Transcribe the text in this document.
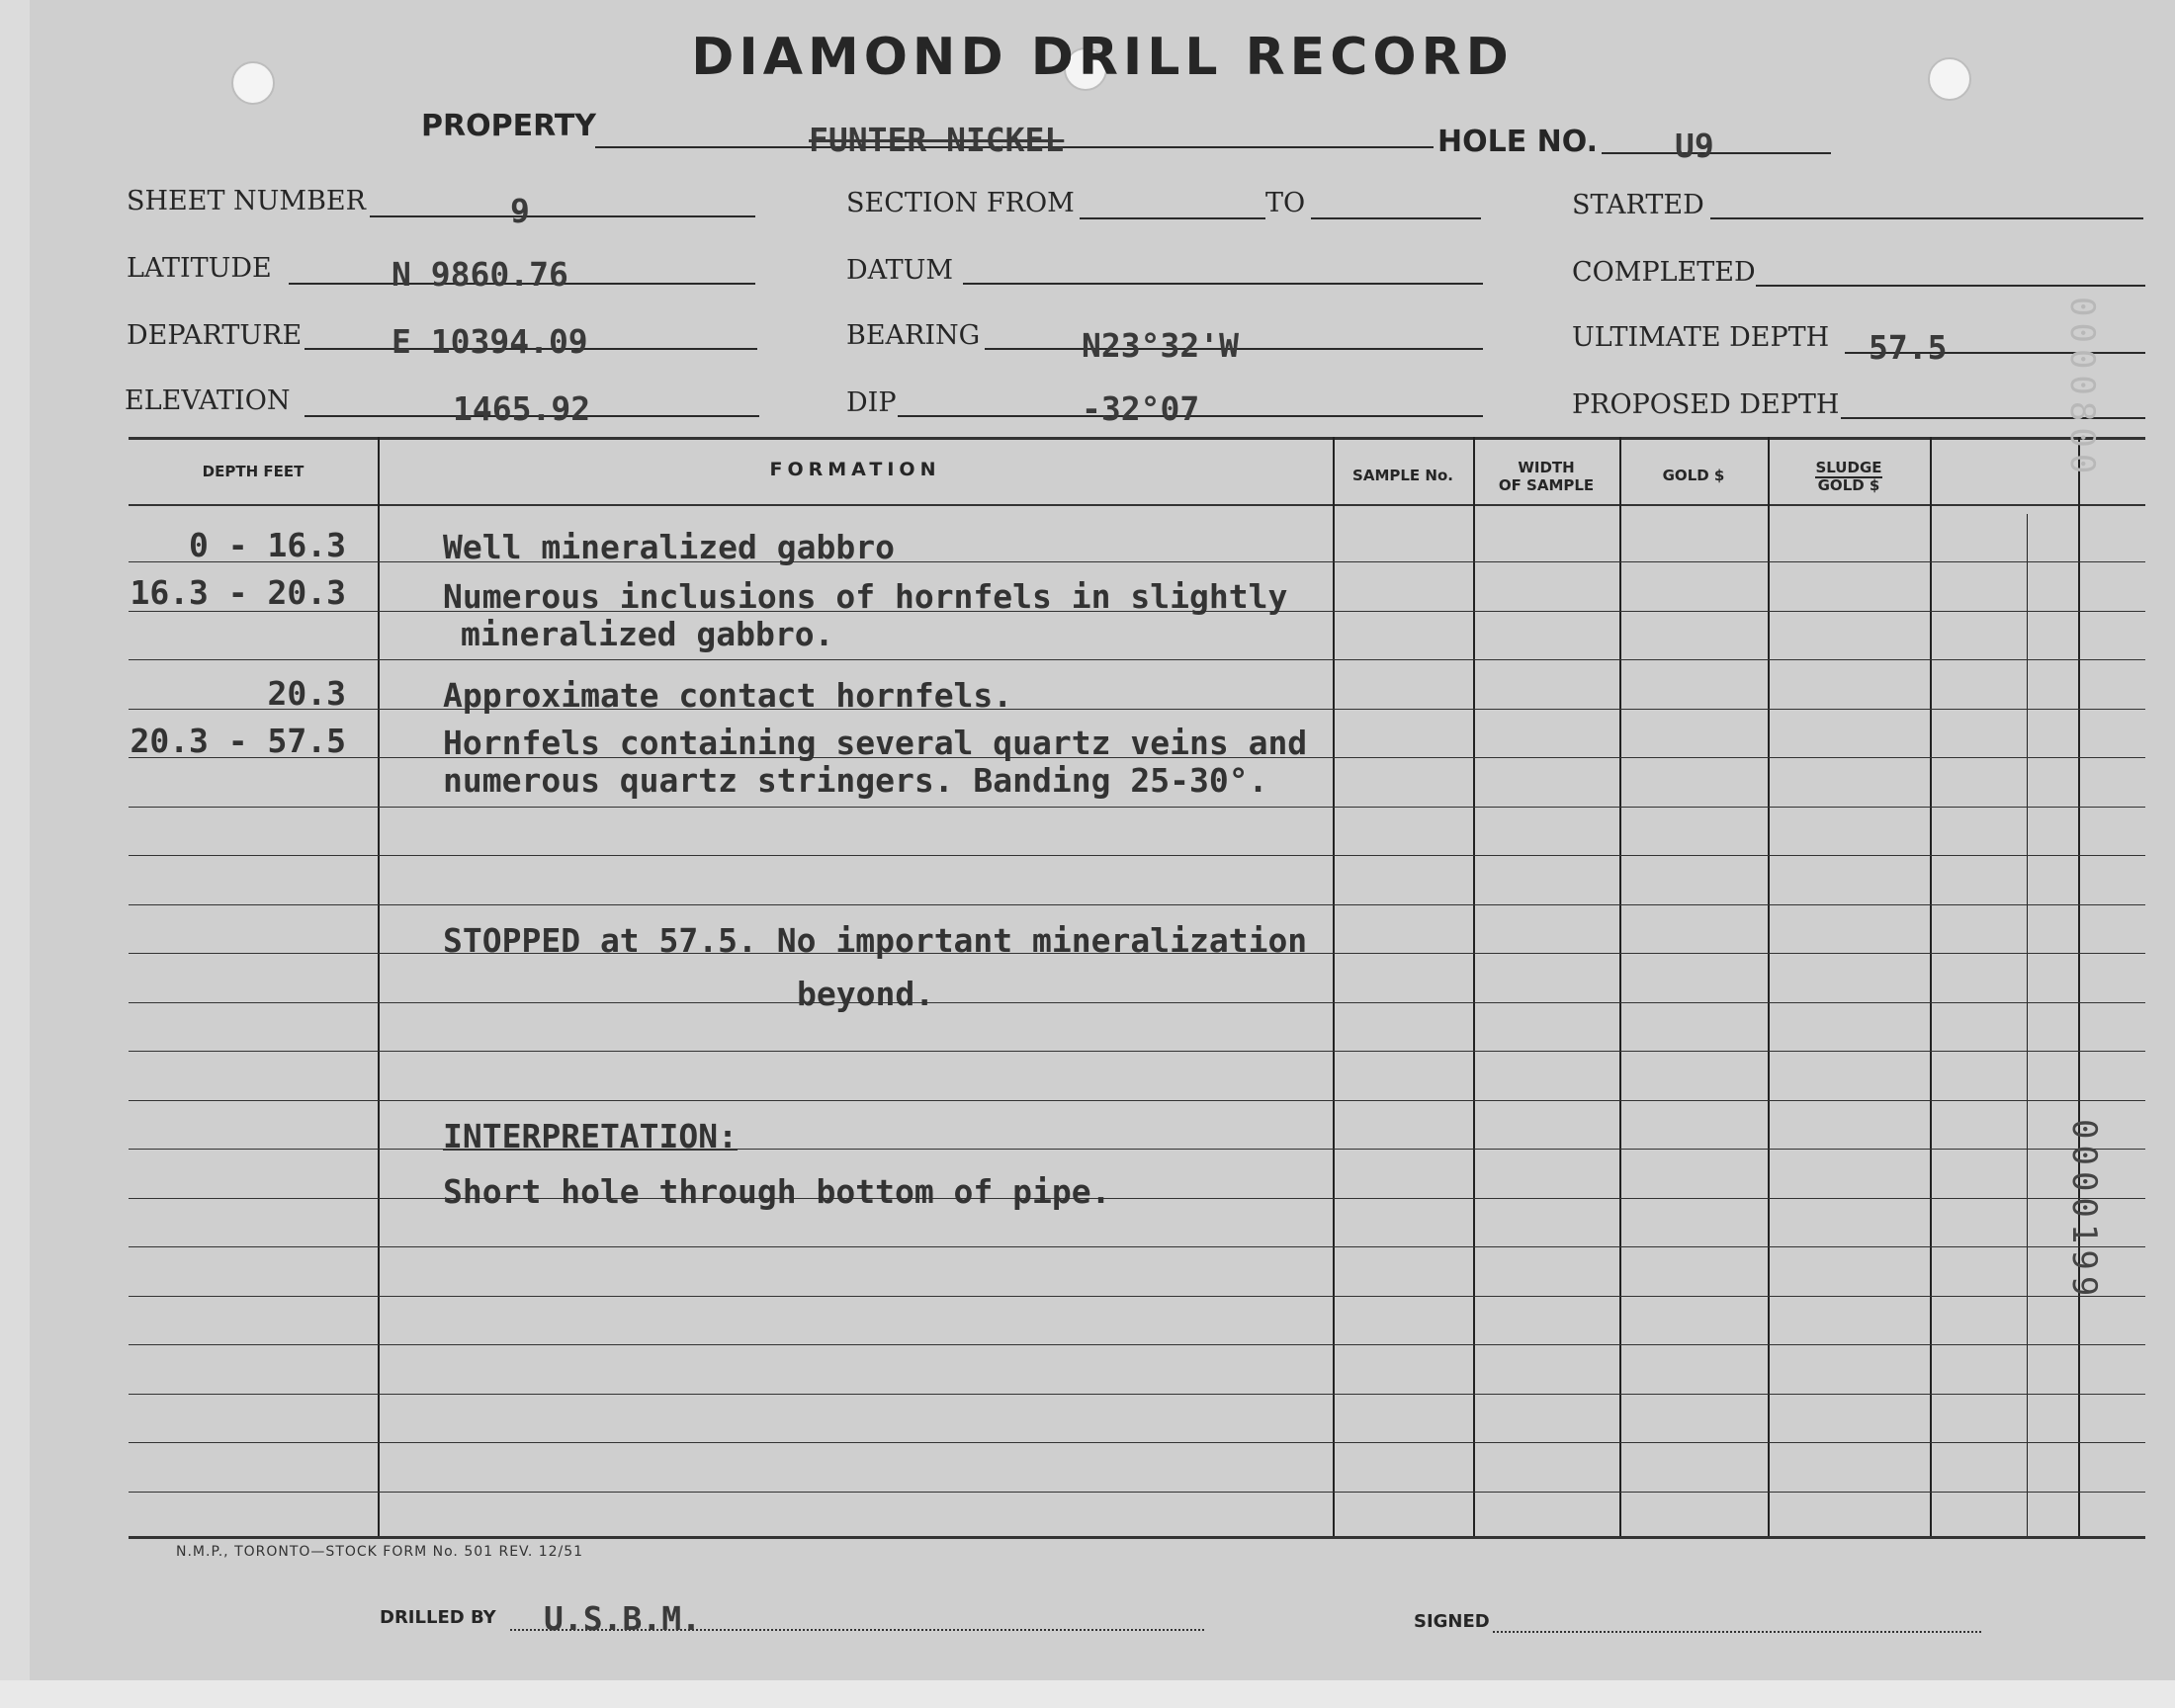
DIAMOND DRILL RECORD
PROPERTY	FUNTER NICKEL	HOLE NO. U9
SHEET NUMBER	9
LATITUDE	N 9860.76
DEPARTURE	E 10394.09
ELEVATION	1465.92
SECTION FROM	TO
DATUM
BEARING	N23°32'W
DIP	-32°07
STARTED
COMPLETED
ULTIMATE DEPTH 57.5
PROPOSED DEPTH
DEPTH FEET	FORMATION	SAMPLE No.	WIDTH
OF SAMPLE
GOLD $	SLUDGE
GOLD $
0 - 16.3	Well mineralized gabbro
16.3 - 20.3	Numerous inclusions of hornfels in slightly
mineralized gabbro.
20.3	Approximate contact hornfels.
20.3 - 57.5	Hornfels containing several quartz veins and
numerous quartz stringers. Banding 25-30°.
STOPPED at 57.5. No important mineralization
beyond.
INTERPRETATION:
Short hole through bottom of pipe.
N.M.P., TORONTO—STOCK FORM No. 501 REV. 12/51
DRILLED BY U.S.B.M.	SIGNED
0000800
0000199
